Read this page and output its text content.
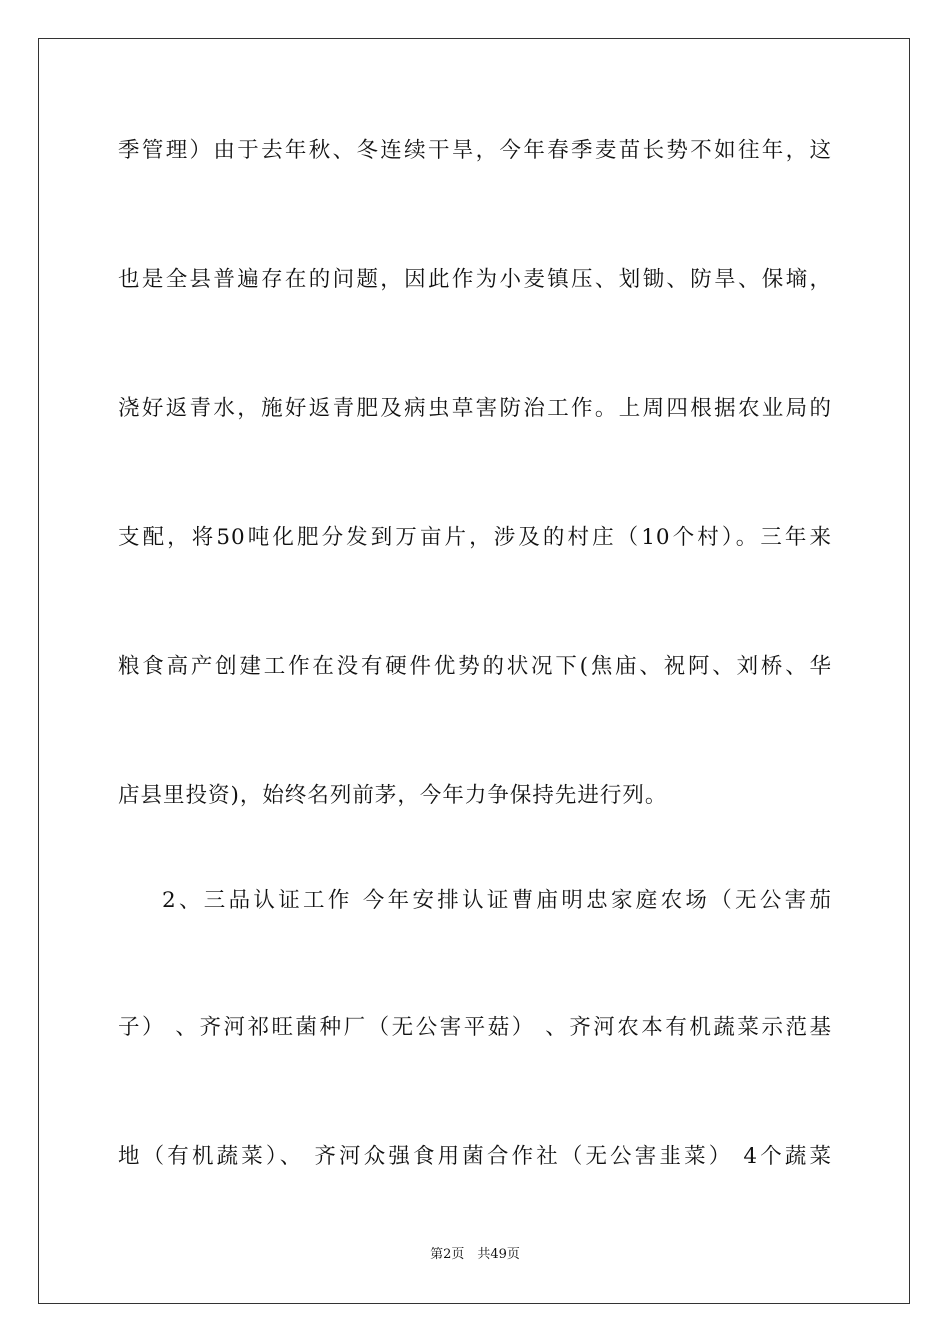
季管理）由于去年秋、冬连续干旱，今年春季麦苗长势不如往年，这
也是全县普遍存在的问题，因此作为小麦镇压、划锄、防旱、保墒，
浇好返青水，施好返青肥及病虫草害防治工作。上周四根据农业局的
支配，将50吨化肥分发到万亩片，涉及的村庄（10个村）。三年来
粮食高产创建工作在没有硬件优势的状况下(焦庙、祝阿、刘桥、华
店县里投资)，始终名列前茅，今年力争保持先进行列。
2、三品认证工作 今年安排认证曹庙明忠家庭农场（无公害茄
子） 、齐河祁旺菌种厂（无公害平菇） 、齐河农本有机蔬菜示范基
地（有机蔬菜）、 齐河众强食用菌合作社（无公害韭菜） 4个蔬菜
第2页　共49页
